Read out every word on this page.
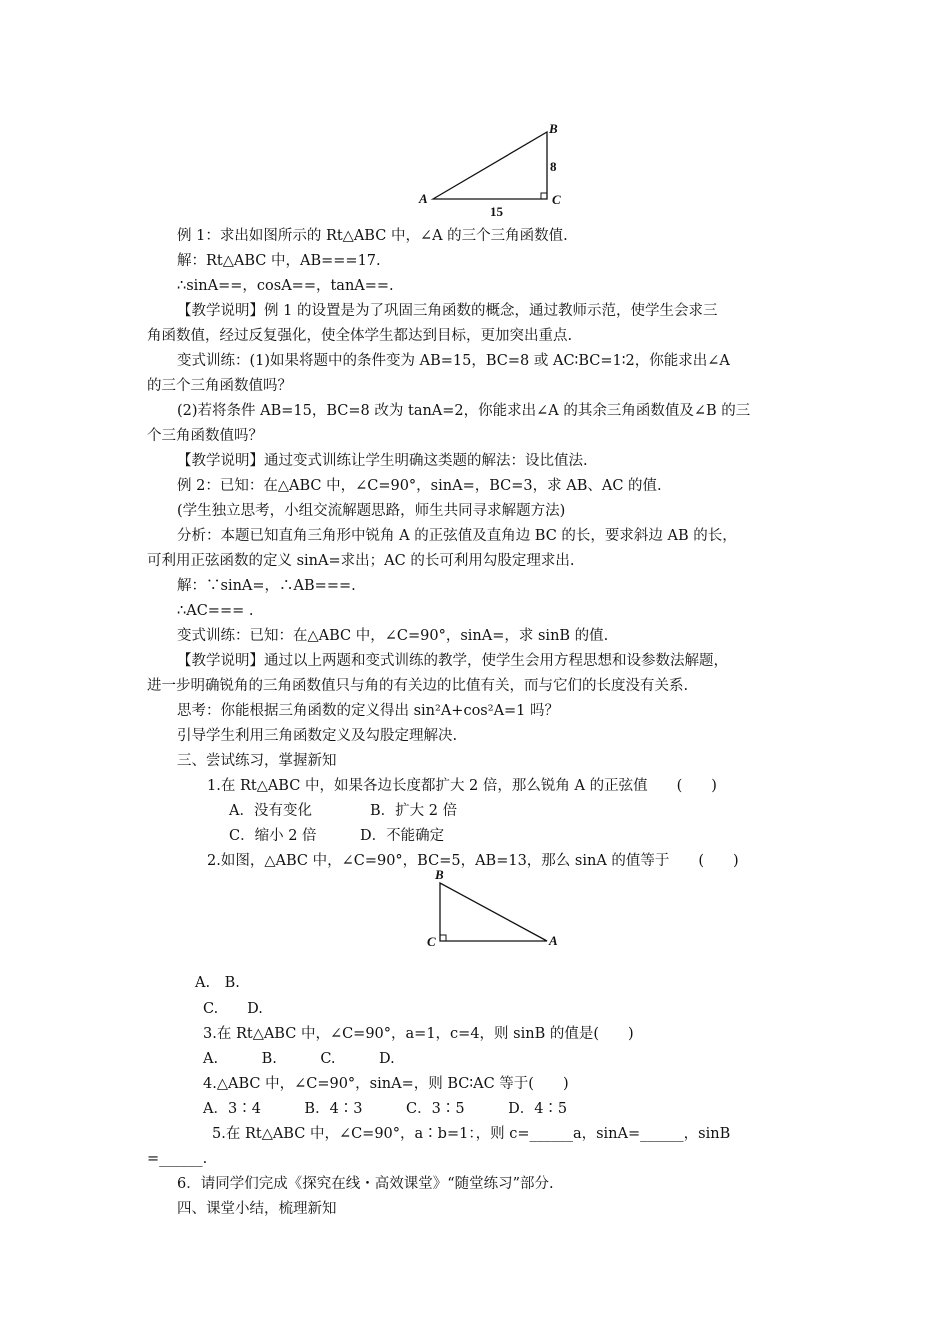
B
A	C
8
15
例 1：求出如图所示的 Rt△ABC 中，∠A 的三个三角函数值.
解：Rt△ABC 中，AB===17.
∴sinA==，cosA==，tanA==.
【教学说明】例 1 的设置是为了巩固三角函数的概念，通过教师示范，使学生会求三
角函数值，经过反复强化，使全体学生都达到目标，更加突出重点.
变式训练：(1)如果将题中的条件变为 AB=15，BC=8 或 AC∶BC=1∶2，你能求出∠A
的三个三角函数值吗？
(2)若将条件 AB=15，BC=8 改为 tanA=2，你能求出∠A 的其余三角函数值及∠B 的三
个三角函数值吗？
【教学说明】通过变式训练让学生明确这类题的解法：设比值法.
例 2：已知：在△ABC 中，∠C=90°，sinA=，BC=3，求 AB、AC 的值.
(学生独立思考，小组交流解题思路，师生共同寻求解题方法)
分析：本题已知直角三角形中锐角 A 的正弦值及直角边 BC 的长，要求斜边 AB 的长，
可利用正弦函数的定义 sinA=求出；AC 的长可利用勾股定理求出.
解：∵sinA=，∴AB===.
∴AC=== .
变式训练：已知：在△ABC 中，∠C=90°，sinA=，求 sinB 的值.
【教学说明】通过以上两题和变式训练的教学，使学生会用方程思想和设参数法解题，
进一步明确锐角的三角函数值只与角的有关边的比值有关，而与它们的长度没有关系.
思考：你能根据三角函数的定义得出 sin²A+cos²A=1 吗？
引导学生利用三角函数定义及勾股定理解决.
三、尝试练习，掌握新知
1.在 Rt△ABC 中，如果各边长度都扩大 2 倍，那么锐角 A 的正弦值　　(　　)
A．没有变化　　　　B．扩大 2 倍
C．缩小 2 倍　　　D．不能确定
2.如图，△ABC 中，∠C=90°，BC=5，AB=13，那么 sinA 的值等于　　(　　)
B
C	A
A.　B.
C.　　D.
3.在 Rt△ABC 中，∠C=90°，a=1，c=4，则 sinB 的值是(　　)
A.　　　B.　　　C.　　　D.
4.△ABC 中，∠C=90°，sinA=，则 BC∶AC 等于(　　)
A．3∶4　　　B．4∶3　　　C．3∶5　　　D．4∶5
5.在 Rt△ABC 中，∠C=90°，a∶b=1：，则 c=______a，sinA=______，sinB
=______.
6．请同学们完成《探究在线・高效课堂》“随堂练习”部分.
四、课堂小结，梳理新知
